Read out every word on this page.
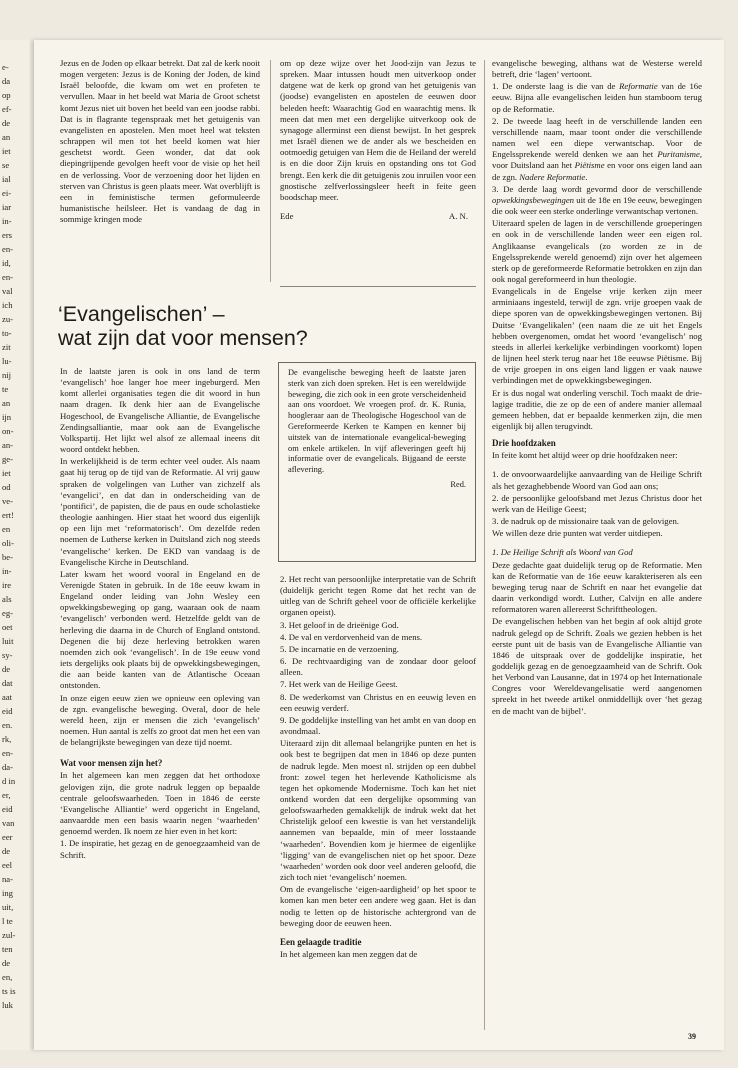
e-
da
op
ef-
de
an
iet
se
ial
ei-
iar
in-
ers
en-
id,
en-
val
ich
zu-
to-
zit
lu-
nij
te
an
ijn
on-
an-
ge-
iet
od
ve-
ert!
en
oli-
be-
in-
ire
als
eg-
oet
luit
sy-
de
dat
aat
eid
en.
rk,
en-
da-
d in
er,
eid
van
eer
de
eel
na-
ing
uit,
l te
zul-
ten
de
en,
ts is
luk

Jezus en de Joden op elkaar betrekt. Dat zal de kerk nooit mogen vergeten: Jezus is de Koning der Joden, de kind Israël beloofde, die kwam om wet en profeten te vervullen. Maar in het beeld wat Maria de Groot schetst komt Jezus niet uit boven het beeld van een joodse rabbi. Dat is in flagrante tegenspraak met het getuigenis van evangelisten en apostelen. Men moet heel wat teksten schrappen wil men tot het beeld komen wat hier geschetst wordt. Geen wonder, dat dat ook diepingrijpende gevolgen heeft voor de visie op het heil en de verlossing. Voor de verzoening door het lijden en sterven van Christus is geen plaats meer. Wat overblijft is een in feministische termen geformuleerde humanistische heilsleer. Het is vandaag de dag in sommige kringen mode

om op deze wijze over het Jood-zijn van Jezus te spreken. Maar intussen houdt men uitverkoop onder datgene wat de kerk op grond van het getuigenis van (joodse) evangelisten en apostelen de eeuwen door beleden heeft: Waarachtig God en waarachtig mens. Ik meen dat men met een dergelijke uitverkoop ook de synagoge allerminst een dienst bewijst. In het gesprek met Israël dienen we de ander als we bescheiden en ootmoedig getuigen van Hem die de Heiland der wereld is en die door Zijn kruis en opstanding ons tot God brengt. Een kerk die dit getuigenis zou inruilen voor een gnostische zelfverlossingsleer heeft in feite geen boodschap meer.

Ede	A. N.

evangelische beweging, althans wat de Westerse wereld betreft, drie ‘lagen’ vertoont.

1. De onderste laag is die van de Reformatie van de 16e eeuw. Bijna alle evangelischen leiden hun stamboom terug op de Reformatie.

2. De tweede laag heeft in de verschillende landen een verschillende naam, maar toont onder die verschillende namen wel een diepe verwantschap. Voor de Engelssprekende wereld denken we aan het Puritanisme, voor Duitsland aan het Piëtisme en voor ons eigen land aan de zgn. Nadere Reformatie.

3. De derde laag wordt gevormd door de verschillende opwekkingsbewegingen uit de 18e en 19e eeuw, bewegingen die ook weer een sterke onderlinge verwantschap vertonen.

Uiteraard spelen de lagen in de verschillende groeperingen en ook in de verschillende landen weer een eigen rol. Anglikaanse evangelicals (zo worden ze in de Engelssprekende wereld genoemd) zijn over het algemeen sterk op de gereformeerde Reformatie betrokken en zijn dan ook nogal gereformeerd in hun theologie.

Evangelicals in de Engelse vrije kerken zijn meer arminiaans ingesteld, terwijl de zgn. vrije groepen vaak de diepe sporen van de opwekkingsbewegingen vertonen. Bij Duitse ‘Evangelikalen’ (een naam die ze uit het Engels hebben overgenomen, omdat het woord ‘evangelisch’ nog steeds in allerlei kerkelijke verbindingen voorkomt) lopen de lijnen heel sterk terug naar het 18e eeuwse Piëtisme. Bij de vrije groepen in ons eigen land liggen er vaak nauwe verbindingen met de opwekkingsbewegingen.

Er is dus nogal wat onderling verschil. Toch maakt de drie-lagige traditie, die ze op de een of andere manier allemaal gemeen hebben, dat er bepaalde kenmerken zijn, die men eigenlijk bij allen terugvindt.

Drie hoofdzaken

In feite komt het altijd weer op drie hoofdzaken neer:

1. de onvoorwaardelijke aanvaarding van de Heilige Schrift als het gezaghebbende Woord van God aan ons;

2. de persoonlijke geloofsband met Jezus Christus door het werk van de Heilige Geest;

3. de nadruk op de missionaire taak van de gelovigen.

We willen deze drie punten wat verder uitdiepen.

1. De Heilige Schrift als Woord van God

Deze gedachte gaat duidelijk terug op de Reformatie. Men kan de Reformatie van de 16e eeuw karakteriseren als een beweging terug naar de Schrift en naar het evangelie dat daarin verkondigd wordt. Luther, Calvijn en alle andere reformatoren waren allereerst Schrifttheologen.

De evangelischen hebben van het begin af ook altijd grote nadruk gelegd op de Schrift. Zoals we gezien hebben is het eerste punt uit de basis van de Evangelische Alliantie van 1846 de uitspraak over de goddelijke inspiratie, het goddelijk gezag en de genoegzaamheid van de Schrift. Ook het Verbond van Lausanne, dat in 1974 op het Internationale Congres voor Wereldevangelisatie werd aangenomen spreekt in het tweede artikel onmiddellijk over ‘het gezag en de macht van de bijbel’.

‘Evangelischen’ –
wat zijn dat voor mensen?
De evangelische beweging heeft de laatste jaren sterk van zich doen spreken. Het is een wereldwijde beweging, die zich ook in een grote verscheidenheid aan ons voordoet. We vroegen prof. dr. K. Runia, hoogleraar aan de Theologische Hogeschool van de Gereformeerde Kerken te Kampen en kenner bij uitstek van de internationale evangelical-beweging om enkele artikelen. In vijf afleveringen geeft hij informatie over de evangelicals. Bijgaand de eerste aflevering.
Red.

In de laatste jaren is ook in ons land de term ‘evangelisch’ hoe langer hoe meer ingeburgerd. Men komt allerlei organisaties tegen die dit woord in hun naam dragen. Ik denk hier aan de Evangelische Hogeschool, de Evangelische Alliantie, de Evangelische Zendingsalliantie, maar ook aan de Evangelische Volkspartij. Het lijkt wel alsof ze allemaal ineens dit woord ontdekt hebben.

In werkelijkheid is de term echter veel ouder. Als naam gaat hij terug op de tijd van de Reformatie. Al vrij gauw spraken de volgelingen van Luther van zichzelf als ‘evangelici’, en dat dan in onderscheiding van de ‘pontifici’, de papisten, die de paus en oude scholastieke theologie aanhingen. Hier staat het woord dus eigenlijk op een lijn met ‘reformatorisch’. Om dezelfde reden noemen de Lutherse kerken in Duitsland zich nog steeds ‘evangelische’ kerken. De EKD van vandaag is de Evangelische Kirche in Deutschland.

Later kwam het woord vooral in Engeland en de Verenigde Staten in gebruik. In de 18e eeuw kwam in Engeland onder leiding van John Wesley een opwekkingsbeweging op gang, waaraan ook de naam ‘evangelisch’ verbonden werd. Hetzelfde geldt van de herleving die daarna in de Church of England ontstond. Degenen die bij deze herleving betrokken waren noemden zich ook ‘evangelisch’. In de 19e eeuw vond iets dergelijks ook plaats bij de opwekkingsbewegingen, die aan beide kanten van de Atlantische Oceaan ontstonden.

In onze eigen eeuw zien we opnieuw een opleving van de zgn. evangelische beweging. Overal, door de hele wereld heen, zijn er mensen die zich ‘evangelisch’ noemen. Hun aantal is zelfs zo groot dat men het een van de belangrijkste bewegingen van deze tijd noemt.

Wat voor mensen zijn het?

In het algemeen kan men zeggen dat het orthodoxe gelovigen zijn, die grote nadruk leggen op bepaalde centrale geloofswaarheden. Toen in 1846 de eerste ‘Evangelische Alliantie’ werd opgericht in Engeland, aanvaardde men een basis waarin negen ‘waarheden’ genoemd werden. Ik noem ze hier even in het kort:

1. De inspiratie, het gezag en de genoegzaamheid van de Schrift.

2. Het recht van persoonlijke interpretatie van de Schrift (duidelijk gericht tegen Rome dat het recht van de uitleg van de Schrift geheel voor de officiële kerkelijke organen opeist).

3. Het geloof in de drieënige God.

4. De val en verdorvenheid van de mens.

5. De incarnatie en de verzoening.

6. De rechtvaardiging van de zondaar door geloof alleen.

7. Het werk van de Heilige Geest.

8. De wederkomst van Christus en en eeuwig leven en een eeuwig verderf.

9. De goddelijke instelling van het ambt en van doop en avondmaal.

Uiteraard zijn dit allemaal belangrijke punten en het is ook best te begrijpen dat men in 1846 op deze punten de nadruk legde. Men moest nl. strijden op een dubbel front: zowel tegen het herlevende Katholicisme als tegen het opkomende Modernisme. Toch kan het niet ontkend worden dat een dergelijke opsomming van geloofswaarheden gemakkelijk de indruk wekt dat het Christelijk geloof een kwestie is van het verstandelijk aannemen van bepaalde, min of meer losstaande ‘waarheden’. Bovendien kom je hiermee de eigenlijke ‘ligging’ van de evangelischen niet op het spoor. Deze ‘waarheden’ worden ook door veel anderen geloofd, die zich toch niet ‘evangelisch’ noemen.

Om de evangelische ‘eigen-aardigheid’ op het spoor te komen kan men beter een andere weg gaan. Het is dan nodig te letten op de historische achtergrond van de beweging door de eeuwen heen.

Een gelaagde traditie

In het algemeen kan men zeggen dat de

39
